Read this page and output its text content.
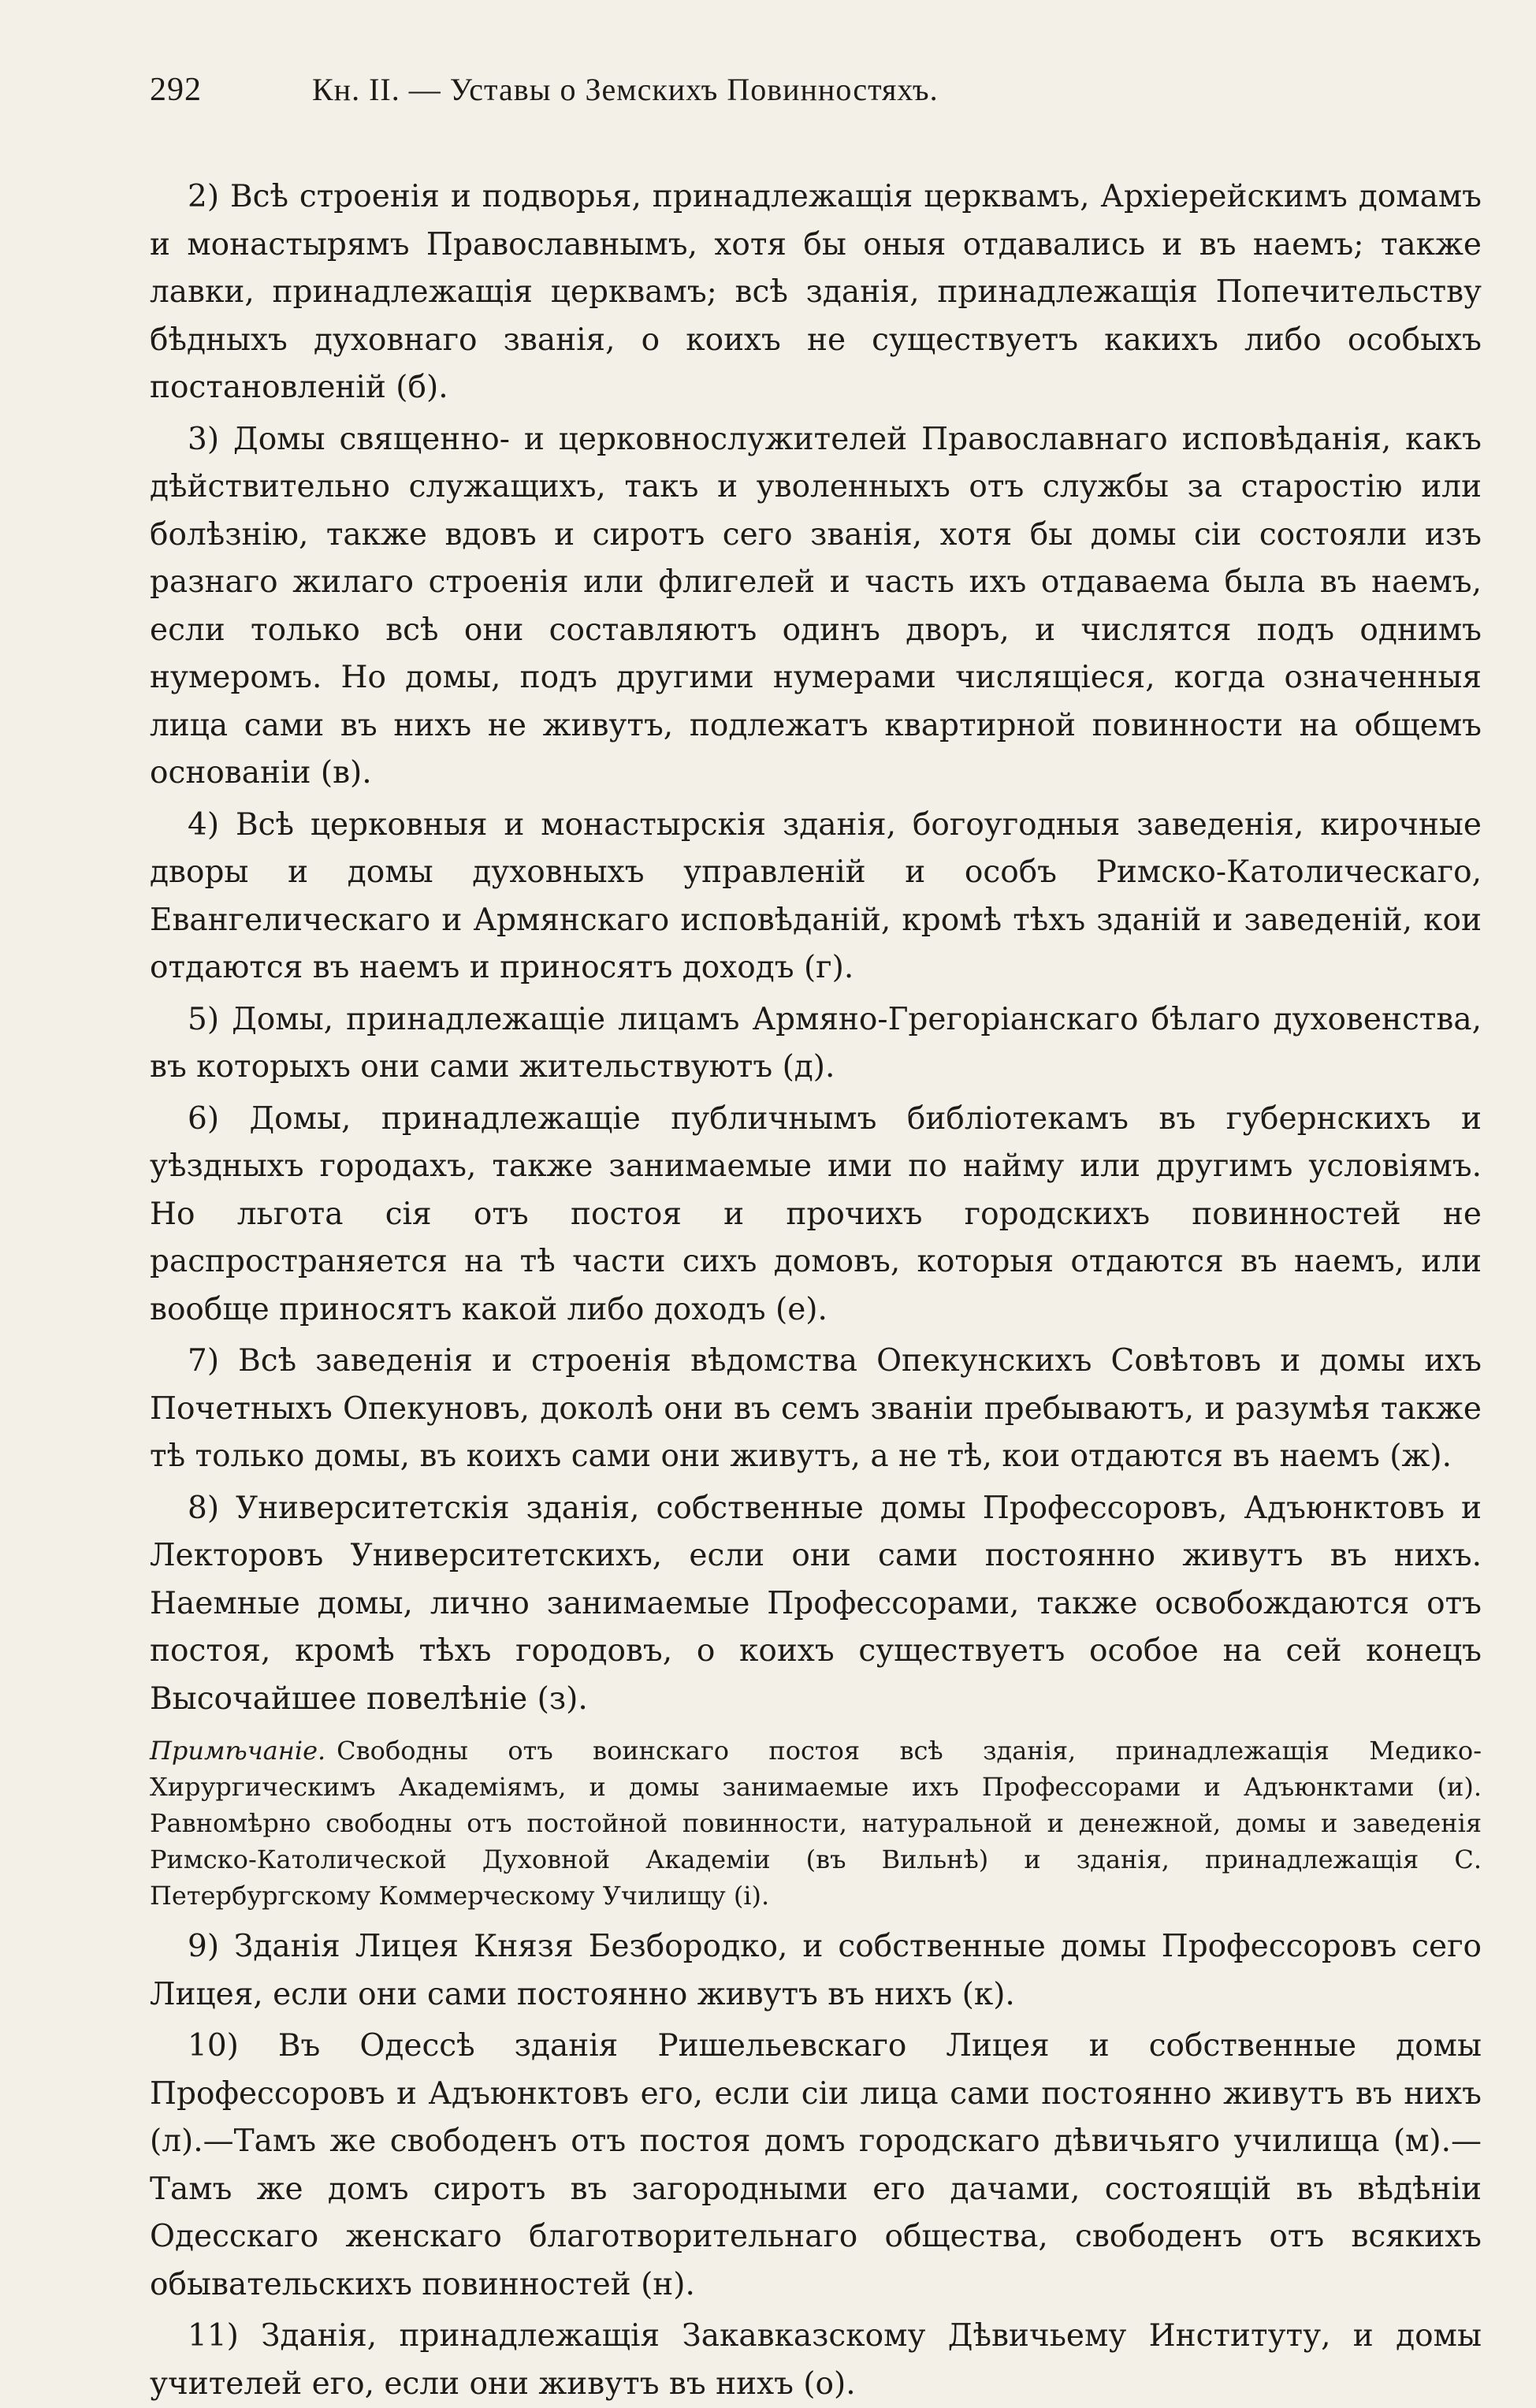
292	Кн. II. — Уставы о Земскихъ Повинностяхъ.

2) Всѣ строенія и подворья, принадлежащія церквамъ, Архіерейскимъ домамъ и монастырямъ Православнымъ, хотя бы оныя отдавались и въ наемъ; также лавки, принадлежащія церквамъ; всѣ зданія, принадлежащія Попечительству бѣдныхъ духовнаго званія, о коихъ не существуетъ какихъ либо особыхъ постановленій (б).

3) Домы священно- и церковнослужителей Православнаго исповѣданія, какъ дѣйствительно служащихъ, такъ и уволенныхъ отъ службы за старостію или болѣзнію, также вдовъ и сиротъ сего званія, хотя бы домы сіи состояли изъ разнаго жилаго строенія или флигелей и часть ихъ отдаваема была въ наемъ, если только всѣ они составляютъ одинъ дворъ, и числятся подъ однимъ нумеромъ. Но домы, подъ другими нумерами числящіеся, когда означенныя лица сами въ нихъ не живутъ, подлежатъ квартирной повинности на общемъ основаніи (в).

4) Всѣ церковныя и монастырскія зданія, богоугодныя заведенія, кирочные дворы и домы духовныхъ управленій и особъ Римско-Католическаго, Евангелическаго и Армянскаго исповѣданій, кромѣ тѣхъ зданій и заведеній, кои отдаются въ наемъ и приносятъ доходъ (г).

5) Домы, принадлежащіе лицамъ Армяно-Грегоріанскаго бѣлаго духовенства, въ которыхъ они сами жительствуютъ (д).

6) Домы, принадлежащіе публичнымъ библіотекамъ въ губернскихъ и уѣздныхъ городахъ, также занимаемые ими по найму или другимъ условіямъ. Но льгота сія отъ постоя и прочихъ городскихъ повинностей не распространяется на тѣ части сихъ домовъ, которыя отдаются въ наемъ, или вообще приносятъ какой либо доходъ (е).

7) Всѣ заведенія и строенія вѣдомства Опекунскихъ Совѣтовъ и домы ихъ Почетныхъ Опекуновъ, доколѣ они въ семъ званіи пребываютъ, и разумѣя также тѣ только домы, въ коихъ сами они живутъ, а не тѣ, кои отдаются въ наемъ (ж).

8) Университетскія зданія, собственные домы Профессоровъ, Адъюнктовъ и Лекторовъ Университетскихъ, если они сами постоянно живутъ въ нихъ. Наемные домы, лично занимаемые Профессорами, также освобождаются отъ постоя, кромѣ тѣхъ городовъ, о коихъ существуетъ особое на сей конецъ Высочайшее повелѣніе (з).

Примѣчаніе. Свободны отъ воинскаго постоя всѣ зданія, принадлежащія Медико-Хирургическимъ Академіямъ, и домы занимаемые ихъ Профессорами и Адъюнктами (и). Равномѣрно свободны отъ постойной повинности, натуральной и денежной, домы и заведенія Римско-Католической Духовной Академіи (въ Вильнѣ) и зданія, принадлежащія С. Петербургскому Коммерческому Училищу (і).

9) Зданія Лицея Князя Безбородко, и собственные домы Профессоровъ сего Лицея, если они сами постоянно живутъ въ нихъ (к).

10) Въ Одессѣ зданія Ришельевскаго Лицея и собственные домы Профессоровъ и Адъюнктовъ его, если сіи лица сами постоянно живутъ въ нихъ (л).—Тамъ же свободенъ отъ постоя домъ городскаго дѣвичьяго училища (м).—Тамъ же домъ сиротъ въ загородными его дачами, состоящій въ вѣдѣніи Одесскаго женскаго благотворительнаго общества, свободенъ отъ всякихъ обывательскихъ повинностей (н).

11) Зданія, принадлежащія Закавказскому Дѣвичьему Институту, и домы учителей его, если они живутъ въ нихъ (о).
